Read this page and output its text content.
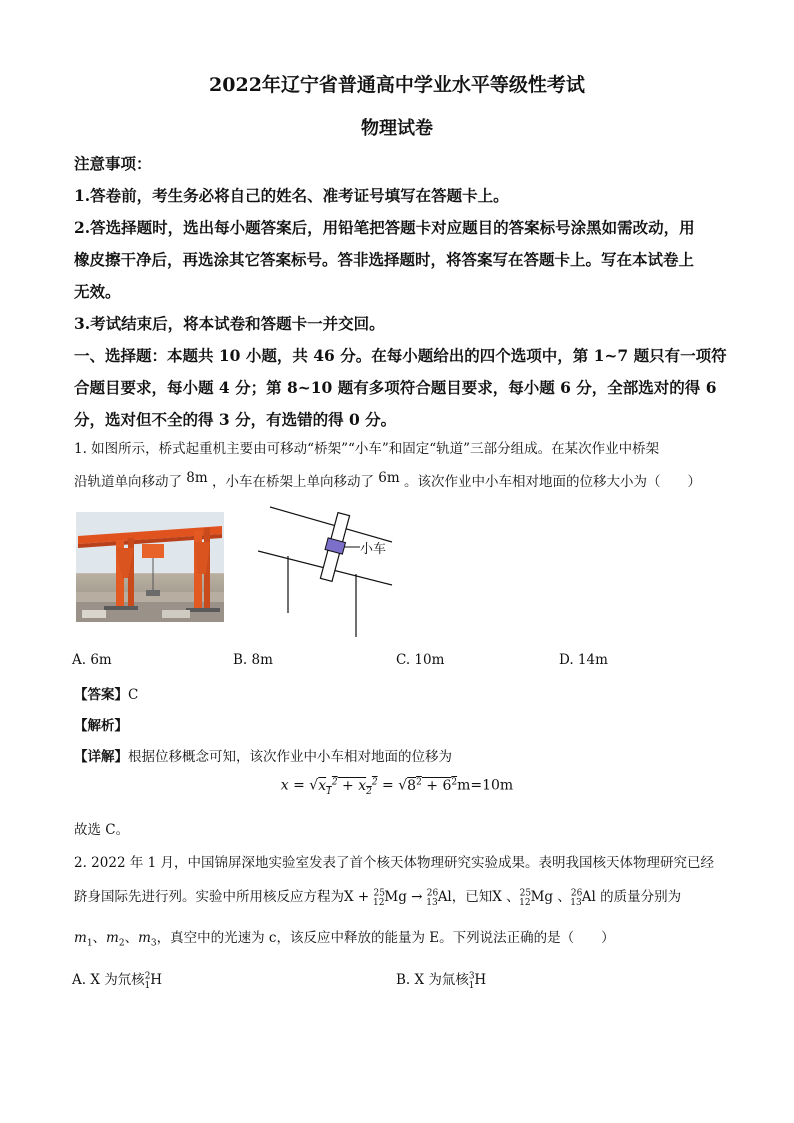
2022年辽宁省普通高中学业水平等级性考试
物理试卷
注意事项：
1.答卷前，考生务必将自己的姓名、准考证号填写在答题卡上。
2.答选择题时，选出每小题答案后，用铅笔把答题卡对应题目的答案标号涂黑如需改动，用
橡皮擦干净后，再选涂其它答案标号。答非选择题时，将答案写在答题卡上。写在本试卷上
无效。
3.考试结束后，将本试卷和答题卡一并交回。
一、选择题：本题共 10 小题，共 46 分。在每小题给出的四个选项中，第 1~7 题只有一项符
合题目要求，每小题 4 分；第 8~10 题有多项符合题目要求，每小题 6 分，全部选对的得 6
分，选对但不全的得 3 分，有选错的得 0 分。
1. 如图所示，桥式起重机主要由可移动“桥架”“小车”和固定“轨道”三部分组成。在某次作业中桥架
沿轨道单向移动了 8m ，小车在桥架上单向移动了 6m 。该次作业中小车相对地面的位移大小为（　　）
小车
A. 6m	B. 8m	C. 10m	D. 14m
【答案】C
【解析】
【详解】根据位移概念可知，该次作业中小车相对地面的位移为
$x = √x_1^2 + x_2^2 = √8^2 + 6^2m=10m$
故选 C。
2. 2022 年 1 月，中国锦屏深地实验室发表了首个核天体物理研究实验成果。表明我国核天体物理研究已经
跻身国际先进行列。实验中所用核反应方程为X + $^{25}_{12}$Mg → $^{26}_{13}$Al，已知X 、$^{25}_{12}$Mg 、$^{26}_{13}$Al 的质量分别为
$m_1$、$m_2$、$m_3$，真空中的光速为 c，该反应中释放的能量为 E。下列说法正确的是（　　）
A. X 为氘核$^2_1$H	B. X 为氚核$^3_1$H
